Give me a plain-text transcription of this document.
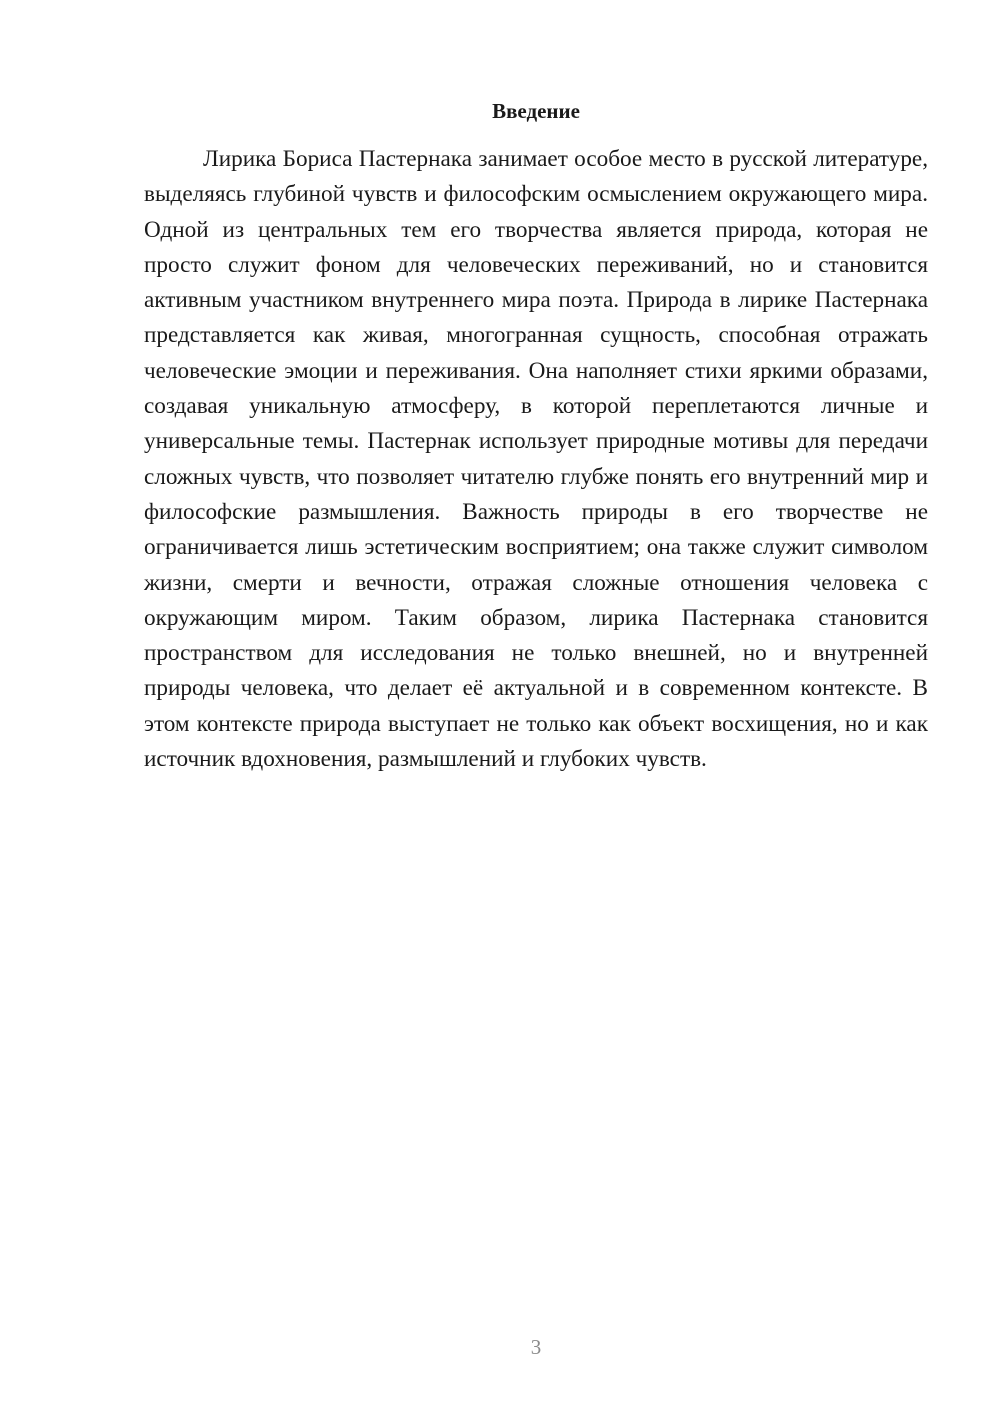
Введение

Лирика Бориса Пастернака занимает особое место в русской литературе, выделяясь глубиной чувств и философским осмыслением окружающего мира. Одной из центральных тем его творчества является природа, которая не просто служит фоном для человеческих переживаний, но и становится активным участником внутреннего мира поэта. Природа в лирике Пастернака представляется как живая, многогранная сущность, способная отражать человеческие эмоции и переживания. Она наполняет стихи яркими образами, создавая уникальную атмосферу, в которой переплетаются личные и универсальные темы. Пастернак использует природные мотивы для передачи сложных чувств, что позволяет читателю глубже понять его внутренний мир и философские размышления. Важность природы в его творчестве не ограничивается лишь эстетическим восприятием; она также служит символом жизни, смерти и вечности, отражая сложные отношения человека с окружающим миром. Таким образом, лирика Пастернака становится пространством для исследования не только внешней, но и внутренней природы человека, что делает её актуальной и в современном контексте. В этом контексте природа выступает не только как объект восхищения, но и как источник вдохновения, размышлений и глубоких чувств.

3
